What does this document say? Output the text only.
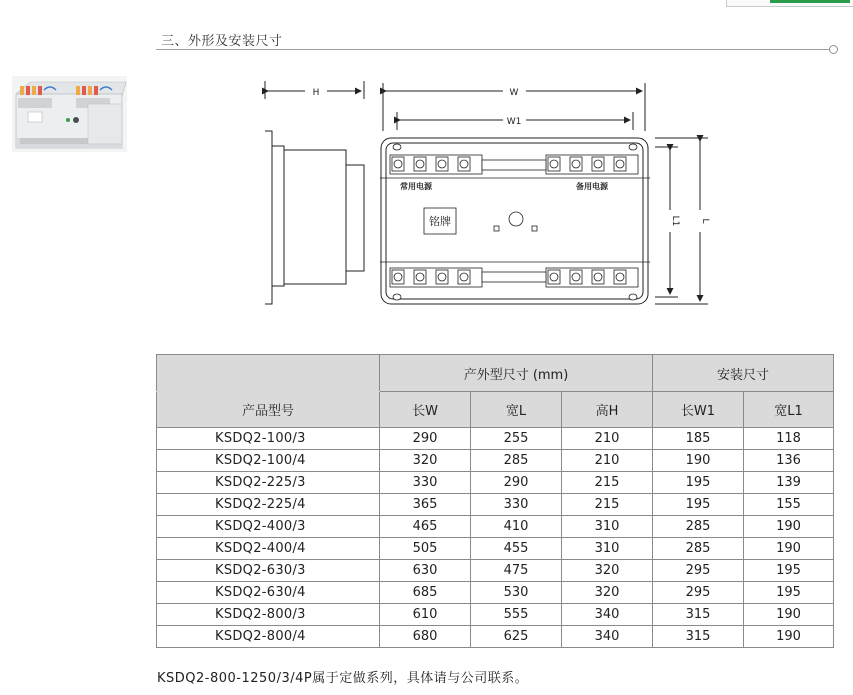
三、外形及安装尺寸
H	W
W1
常用电源	备用电源
铭牌	L1 L
	产外型尺寸 (mm)			安装尺寸	
产品型号	长W	宽L	高H	长W1	宽L1
KSDQ2-100/3	290	255	210	185	118
KSDQ2-100/4	320	285	210	190	136
KSDQ2-225/3	330	290	215	195	139
KSDQ2-225/4	365	330	215	195	155
KSDQ2-400/3	465	410	310	285	190
KSDQ2-400/4	505	455	310	285	190
KSDQ2-630/3	630	475	320	295	195
KSDQ2-630/4	685	530	320	295	195
KSDQ2-800/3	610	555	340	315	190
KSDQ2-800/4	680	625	340	315	190
KSDQ2-800-1250/3/4P属于定做系列，具体请与公司联系。
